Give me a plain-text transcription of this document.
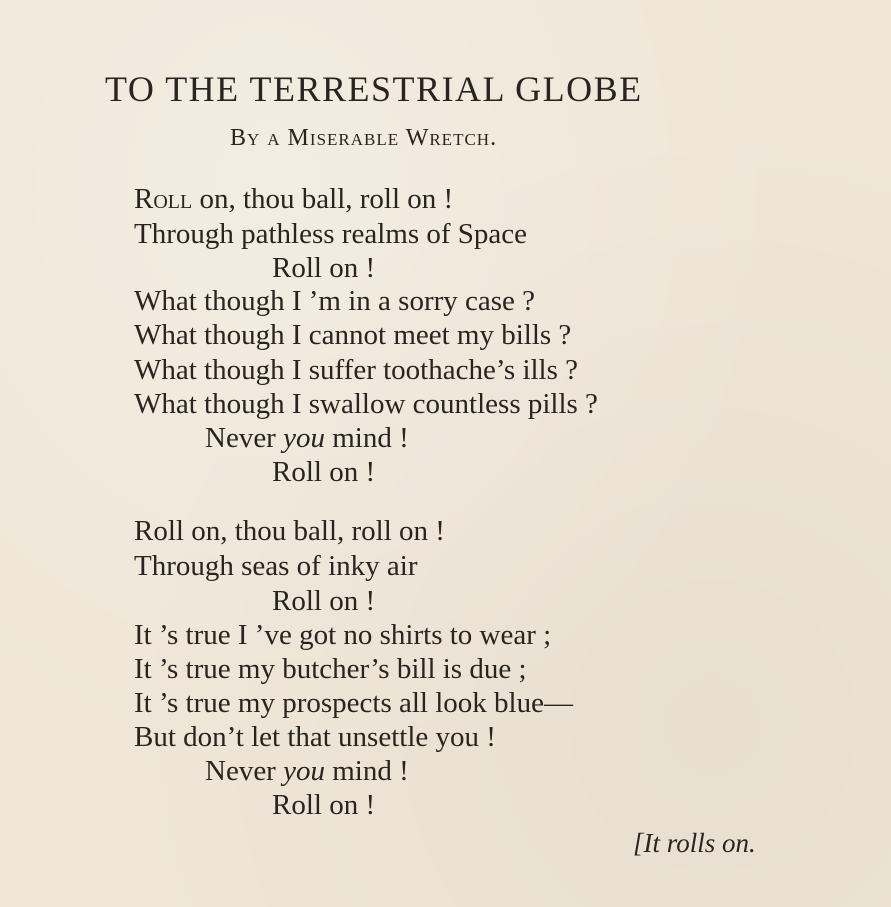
TO THE TERRESTRIAL GLOBE
By a Miserable Wretch.
Roll on, thou ball, roll on !
Through pathless realms of Space
Roll on !
What though I ’m in a sorry case ?
What though I cannot meet my bills ?
What though I suffer toothache’s ills ?
What though I swallow countless pills ?
Never you mind !
Roll on !
Roll on, thou ball, roll on !
Through seas of inky air
Roll on !
It ’s true I ’ve got no shirts to wear ;
It ’s true my butcher’s bill is due ;
It ’s true my prospects all look blue—
But don’t let that unsettle you !
Never you mind !
Roll on !
[It rolls on.
